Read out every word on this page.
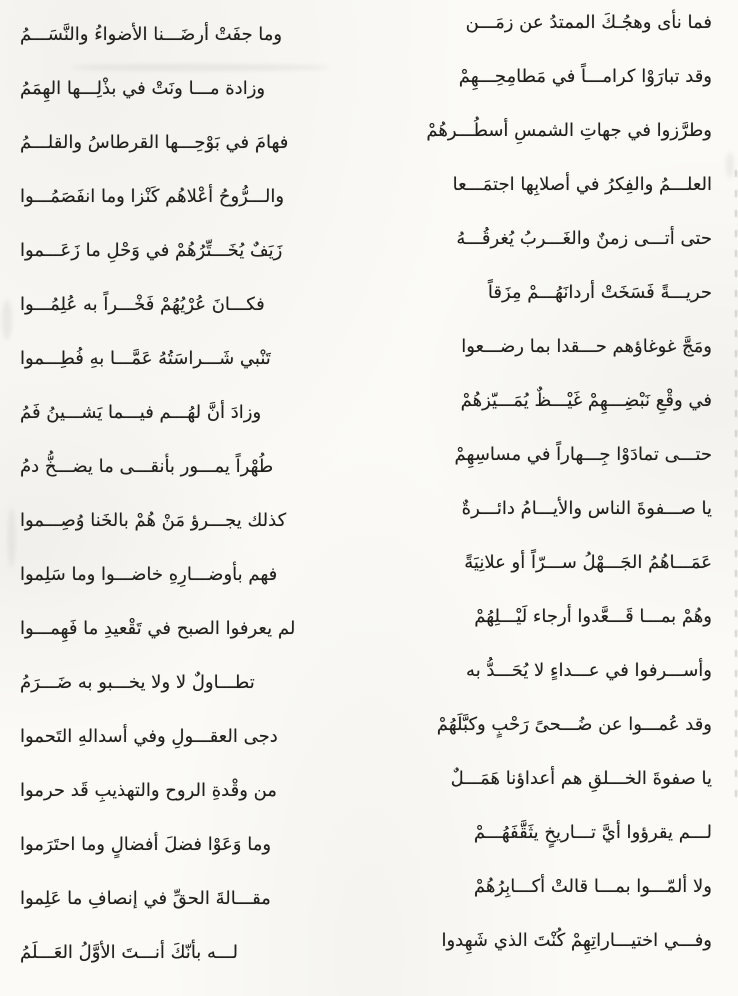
فما نأى وهجُـكَ الممتدُ عن زمَـــن
وما جفَتْ أرضَـــنا الأضواءُ والنَّسَـــمُ
وقد تبارَوْا كرامـــاً في مَطامِحِـــهِمْ
وزادة مـــا ونَتْ في بذْلِـــها الهِمَمُ
وطرَّزوا في جهاتِ الشمسِ أسطُـــرهُمْ
فهامَ في بَوْحِـــها القرطاسُ والقلـــمُ
العلـــمُ والفِكرُ في أصلابِها اجتمَـــعا
والـــرُّوحُ أعْلاهُم كَنْزا وما انفَصَمُـــوا
حتى أتـــى زمنٌ والغَـــربُ يُغرقُـــهُ
زَيَفٌ يُخَـــتِّرُهُمْ في وَحْلِ ما زَعَـــموا
حريـــةً فَسَخَتْ أردانَهُـــمْ مِزَقاً
فكـــانَ عُرْيُهُمْ فَخْـــراً به عُلِمُـــوا
ومَجَّ غوغاؤهم حـــقدا بما رضـــعوا
تَنْبي شَـــراسَتُهُ عَمَّـــا بهِ فُطِـــموا
في وقْعِ نَبْضِـــهِمْ غَيْـــظٌ يُمَـــيّزهُمْ
وزادَ أنَّ لهُـــم فيـــما يَشـــينُ فَمُ
حتـــى تمادَوْا جِـــهاراً في مساسِهِمْ
طُهْراً يمـــور بأنقـــى ما يضـــخُّ دمُ
يا صـــفوةَ الناس والأيـــامُ دائـــرةٌ
كذلك يجـــرؤ مَنْ هُمْ بالخَنا وُصِـــموا
عَمَـــاهُمُ الجَـــهْلُ ســـرّاً أو علانِيَةً
فهم بأوضـــارِهِ خاضـــوا وما سَلِموا
وهُمْ بمـــا قَـــعَّدوا أرجاء لَيْـــلِهُمْ
لم يعرفوا الصبح في تَقْعيدِ ما فَهِمـــوا
وأســـرفوا في عـــداءٍ لا يُحَـــدُّ به
تطـــاولٌ لا ولا يخـــبو به ضَـــرَمُ
وقد عُمـــوا عن ضُـــحىً رَحْبٍ وكبَّلَهُمْ
دجى العقـــولِ وفي أسدالهِ التَحموا
يا صفوةَ الخـــلقِ هم أعداؤنا هَمَـــلٌ
من وقْدةِ الروح والتهذيبِ قَد حرموا
لـــم يقرؤوا أيَّ تـــاريخٍ يثَقَّفَهُـــمْ
وما وَعَوْا فضلَ أفضالٍ وما احتَرَموا
ولا ألمّـــوا بمـــا قالتْ أكـــابِرُهُمْ
مقـــالةَ الحقِّ في إنصافِ ما عَلِموا
وفـــي اختيـــاراتِهِمْ كُنْتَ الذي شَهِدوا
لـــه بأنّكَ أنـــتَ الأوَّلُ العَـــلَمُ
